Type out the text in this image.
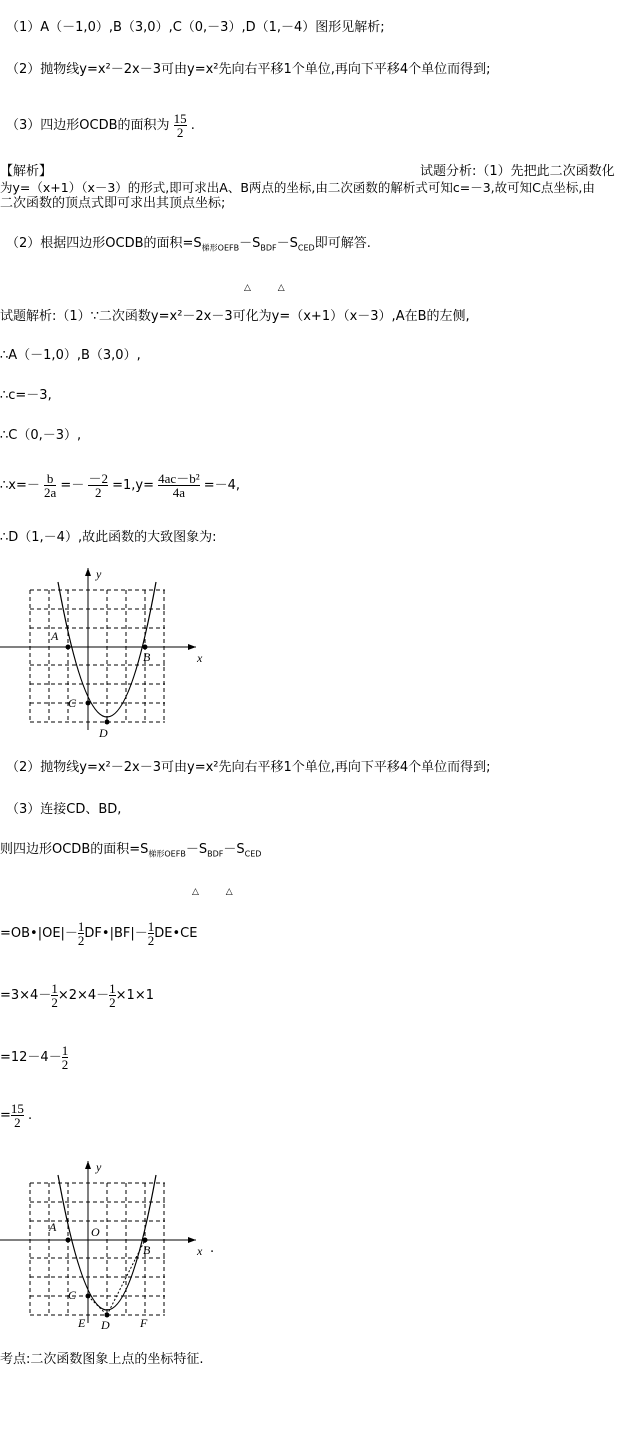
（1）A（－1,0）,B（3,0）,C（0,－3）,D（1,－4）图形见解析;
（2）抛物线y=x²－2x－3可由y=x²先向右平移1个单位,再向下平移4个单位而得到;
（3）四边形OCDB的面积为 $\frac{15}{2}$ .
【解析】	试题分析:（1）先把此二次函数化
为y=（x+1）（x－3）的形式,即可求出A、B两点的坐标,由二次函数的解析式可知c=－3,故可知C点坐标,由
二次函数的顶点式即可求出其顶点坐标;
（2）根据四边形OCDB的面积$=S_{梯形OEFB}-S_{BDF}-S_{CED}$即可解答.
△ △
试题解析:（1）∵二次函数y=x²－2x－3可化为y=（x+1）（x－3）,A在B的左侧,
∴A（－1,0）,B（3,0）,
∴c=－3,
∴C（0,－3）,
∴x=－ $\frac{b}{2a} =- \frac{-2}{2} =1,y= \frac{\text{4ac－b²}}{4a} =-4$,
∴D（1,－4）,故此函数的大致图象为:
A
B
C
D
x
y
（2）抛物线y=x²－2x－3可由y=x²先向右平移1个单位,再向下平移4个单位而得到;
（3）连接CD、BD,
则四边形OCDB的面积$=S_{梯形OEFB}-S_{BDF}-S_{CED}$
△ △
=OB•|OE|－ $\frac{1}{2}$ DF•|BF|－ $\frac{1}{2}$ DE•CE
$=3\times 4- \frac{1}{2} \times 2\times 4- \frac{1}{2} \times 1\times 1$
$=12-4- \frac{1}{2}$
= $\frac{15}{2}$ .
A	O
B
C
E D	F
x
y
.
考点:二次函数图象上点的坐标特征.
